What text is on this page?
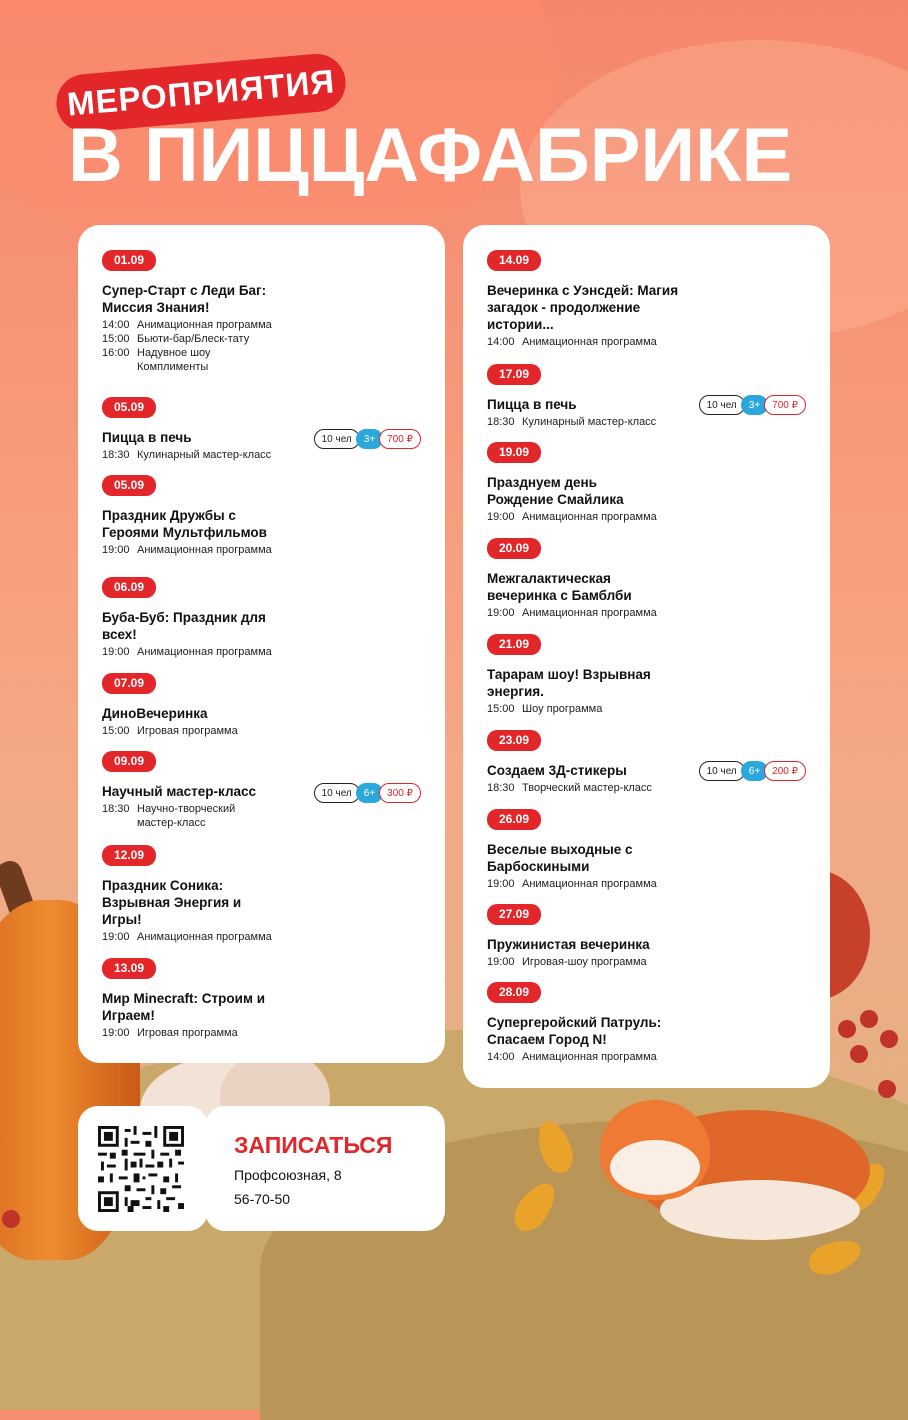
МЕРОПРИЯТИЯ
В ПИЦЦАФАБРИКЕ
01.09
Супер-Старт с Леди Баг: Миссия Знания!
14:00 Анимационная программа
15:00 Бьюти-бар/Блеск-тату
16:00 Надувное шоу Комплименты
05.09
Пицца в печь
18:30 Кулинарный мастер-класс
10 чел	3+	700 ₽
05.09
Праздник Дружбы с Героями Мультфильмов
19:00 Анимационная программа
06.09
Буба-Буб: Праздник для всех!
19:00 Анимационная программа
07.09
ДиноВечеринка
15:00 Игровая программа
09.09
Научный мастер-класс
18:30 Научно-творческий мастер-класс
10 чел	6+	300 ₽
12.09
Праздник Соника: Взрывная Энергия и Игры!
19:00 Анимационная программа
13.09
Мир Minecraft: Строим и Играем!
19:00 Игровая программа
14.09
Вечеринка с Уэнсдей: Магия загадок - продолжение истории...
14:00 Анимационная программа
17.09
Пицца в печь
18:30 Кулинарный мастер-класс
10 чел	3+	700 ₽
19.09
Празднуем день Рождение Смайлика
19:00 Анимационная программа
20.09
Межгалактическая вечеринка с Бамблби
19:00 Анимационная программа
21.09
Тарарам шоу! Взрывная энергия.
15:00 Шоу программа
23.09
Создаем 3Д-стикеры
18:30 Творческий мастер-класс
10 чел	6+	200 ₽
26.09
Веселые выходные с Барбоскиными
19:00 Анимационная программа
27.09
Пружинистая вечеринка
19:00 Игровая-шоу программа
28.09
Супергеройский Патруль: Спасаем Город N!
14:00 Анимационная программа
ЗАПИСАТЬСЯ
Профсоюзная, 8
56-70-50
